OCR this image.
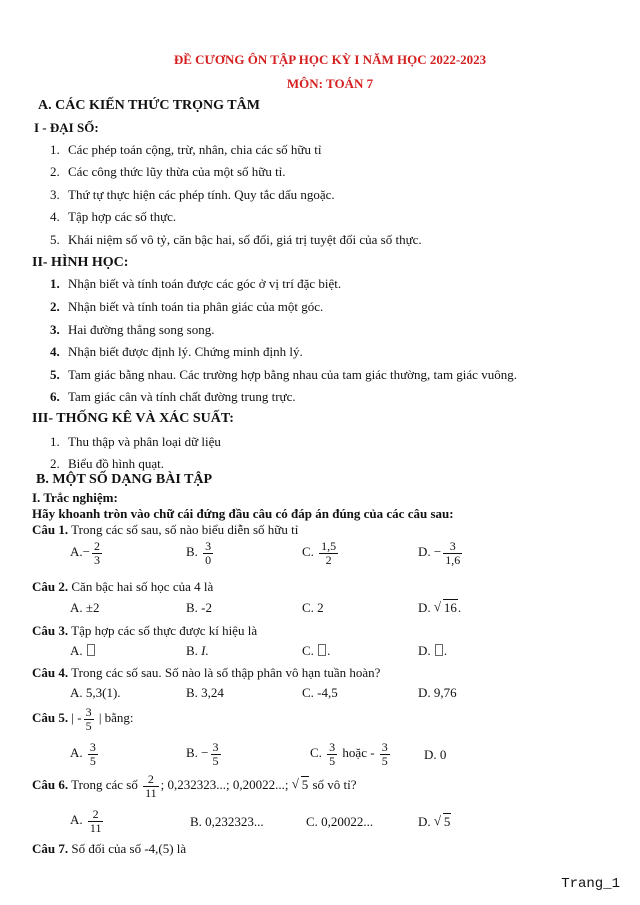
ĐỀ CƯƠNG ÔN TẬP HỌC KỲ I NĂM HỌC 2022-2023
MÔN: TOÁN 7
A. CÁC KIẾN THỨC TRỌNG TÂM
I - ĐẠI SỐ:
1. Các phép toán cộng, trừ, nhân, chia các số hữu tỉ
2. Các công thức lũy thừa của một số hữu tỉ.
3. Thứ tự thực hiện các phép tính. Quy tắc dấu ngoặc.
4. Tập hợp các số thực.
5. Khái niệm số vô tỷ, căn bậc hai, số đối, giá trị tuyệt đối của số thực.
II- HÌNH HỌC:
1. Nhận biết và tính toán được các góc ở vị trí đặc biệt.
2. Nhận biết và tính toán tia phân giác của một góc.
3. Hai đường thẳng song song.
4. Nhận biết được định lý. Chứng minh định lý.
5. Tam giác bằng nhau. Các trường hợp bằng nhau của tam giác thường, tam giác vuông.
6. Tam giác cân và tính chất đường trung trực.
III- THỐNG KÊ VÀ XÁC SUẤT:
1. Thu thập và phân loại dữ liệu
2. Biểu đồ hình quạt.
B. MỘT SỐ DẠNG BÀI TẬP
I. Trắc nghiệm:
Hãy khoanh tròn vào chữ cái đứng đầu câu có đáp án đúng của các câu sau:
Câu 1. Trong các số sau, số nào biểu diễn số hữu tỉ
$A.- \frac{2}{3}$	B. $\frac{3}{0}$	C. $\frac{1,5}{2}$	D. − $\frac{3}{1,6}$
Câu 2. Căn bậc hai số học của 4 là
A. ±2	B. -2	C. 2	D. √ 16.
Câu 3. Tập hợp các số thực được kí hiệu là
A.	B. I.	C. .	D. .
Câu 4. Trong các số sau. Số nào là số thập phân vô hạn tuần hoàn?
A. 5,3(1).	B. 3,24	C. -4,5	D. 9,76
Câu 5. | - $\frac{3}{5}$ | bằng:
A. $\frac{3}{5}$	B. − $\frac{3}{5}$	C. $\frac{3}{5}$ hoặc - $\frac{3}{5}$	D. 0
Câu 6. Trong các số $\frac{2}{11}$ ; 0,232323...; 0,20022...; √ 5 số vô tỉ?
A. $\frac{2}{11}$	B. 0,232323...	C. 0,20022...	D. √ 5
Câu 7. Số đối của số -4,(5) là
Trang_1
